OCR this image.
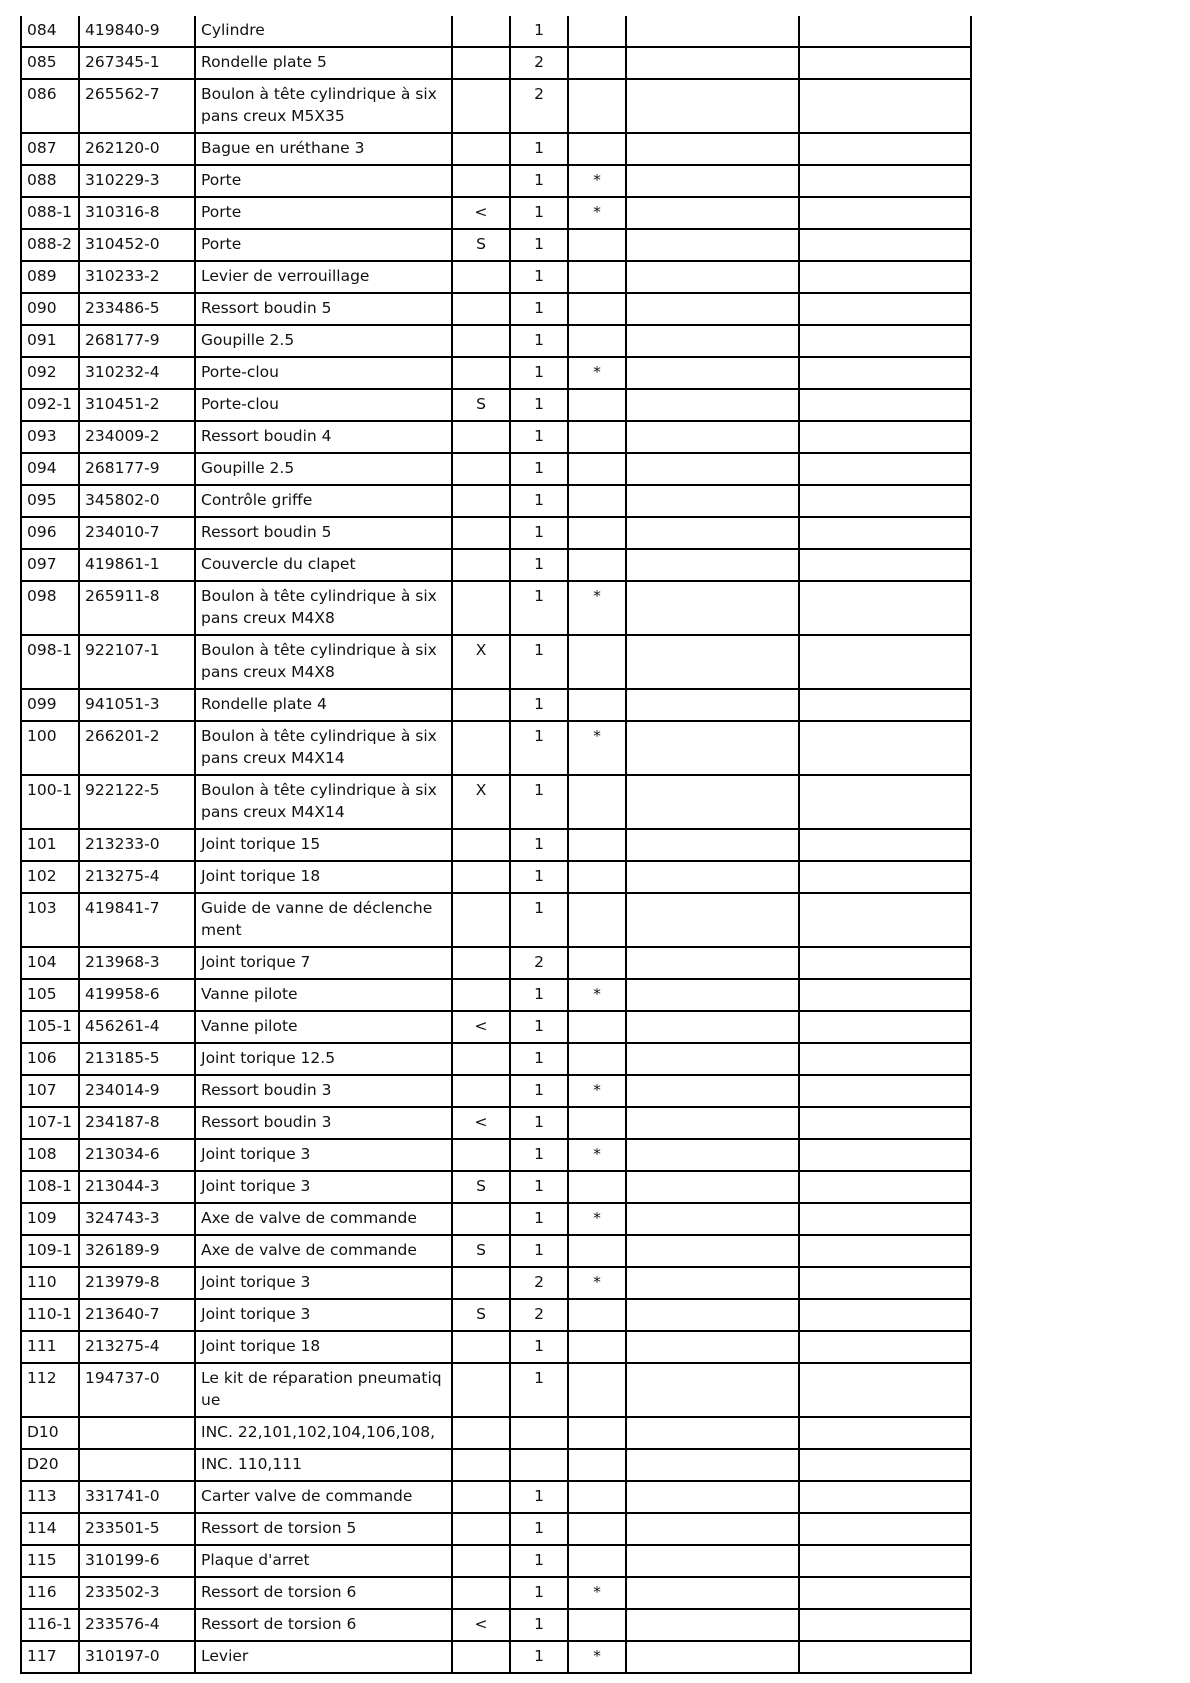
084	419840-9	Cylindre		1			

085	267345-1	Rondelle plate 5		2			

086	265562-7	Boulon à tête cylindrique à six pans creux M5X35		2			

087	262120-0	Bague en uréthane 3		1			

088	310229-3	Porte		1	*		

088-1	310316-8	Porte	<	1	*		

088-2	310452-0	Porte	S	1			

089	310233-2	Levier de verrouillage		1			

090	233486-5	Ressort boudin 5		1			

091	268177-9	Goupille 2.5		1			

092	310232-4	Porte-clou		1	*		

092-1	310451-2	Porte-clou	S	1			

093	234009-2	Ressort boudin 4		1			

094	268177-9	Goupille 2.5		1			

095	345802-0	Contrôle griffe		1			

096	234010-7	Ressort boudin 5		1			

097	419861-1	Couvercle du clapet		1			

098	265911-8	Boulon à tête cylindrique à six pans creux M4X8		1	*		

098-1	922107-1	Boulon à tête cylindrique à six pans creux M4X8	X	1			

099	941051-3	Rondelle plate 4		1			

100	266201-2	Boulon à tête cylindrique à six pans creux M4X14		1	*		

100-1	922122-5	Boulon à tête cylindrique à six pans creux M4X14	X	1			

101	213233-0	Joint torique 15		1			

102	213275-4	Joint torique 18		1			

103	419841-7	Guide de vanne de déclenchement		1			

104	213968-3	Joint torique 7		2			

105	419958-6	Vanne pilote		1	*		

105-1	456261-4	Vanne pilote	<	1			

106	213185-5	Joint torique 12.5		1			

107	234014-9	Ressort boudin 3		1	*		

107-1	234187-8	Ressort boudin 3	<	1			

108	213034-6	Joint torique 3		1	*		

108-1	213044-3	Joint torique 3	S	1			

109	324743-3	Axe de valve de commande		1	*		

109-1	326189-9	Axe de valve de commande	S	1			

110	213979-8	Joint torique 3		2	*		

110-1	213640-7	Joint torique 3	S	2			

111	213275-4	Joint torique 18		1			

112	194737-0	Le kit de réparation pneumatique		1			

D10		INC. 22,101,102,104,106,108,					

D20		INC. 110,111					

113	331741-0	Carter valve de commande		1			

114	233501-5	Ressort de torsion 5		1			

115	310199-6	Plaque d'arret		1			

116	233502-3	Ressort de torsion 6		1	*		

116-1	233576-4	Ressort de torsion 6	<	1			

117	310197-0	Levier		1	*		
